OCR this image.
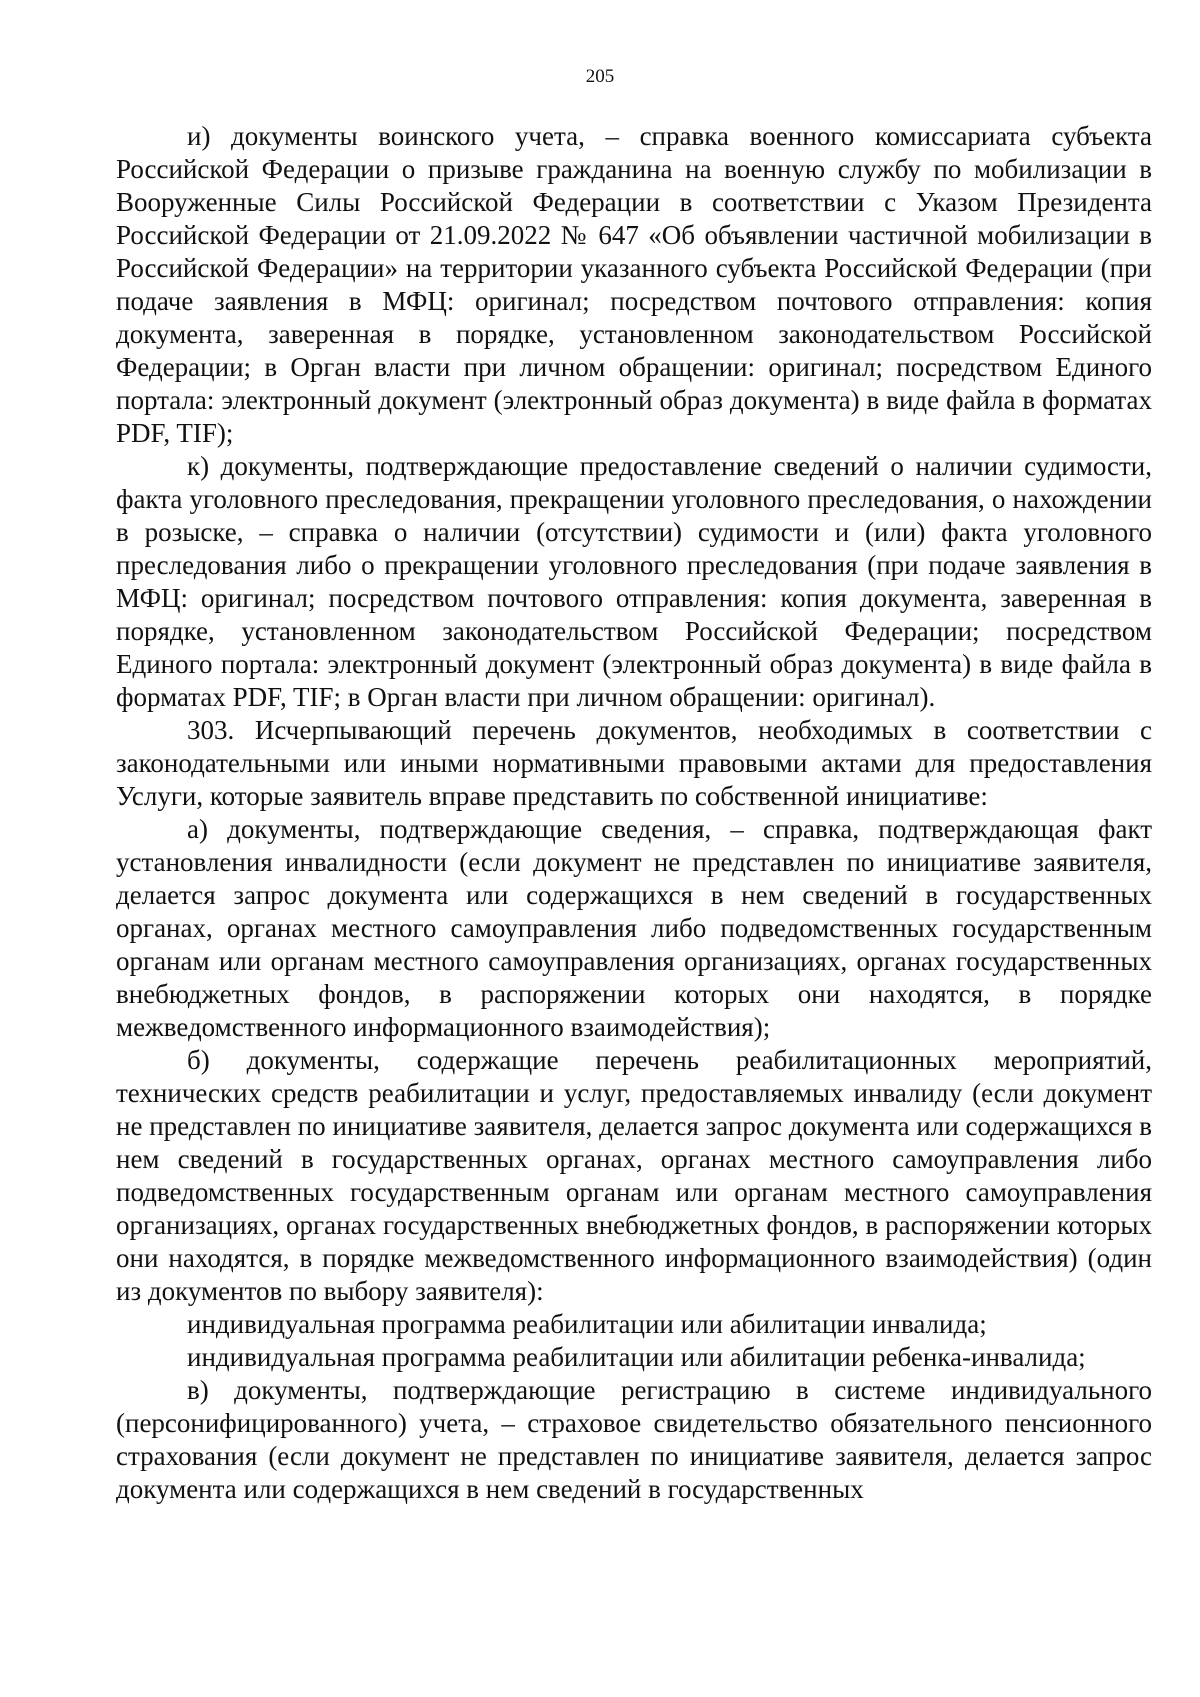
205

и) документы воинского учета, – справка военного комиссариата субъекта Российской Федерации о призыве гражданина на военную службу по мобилизации в Вооруженные Силы Российской Федерации в соответствии с Указом Президента Российской Федерации от 21.09.2022 № 647 «Об объявлении частичной мобилизации в Российской Федерации» на территории указанного субъекта Российской Федерации (при подаче заявления в МФЦ: оригинал; посредством почтового отправления: копия документа, заверенная в порядке, установленном законодательством Российской Федерации; в Орган власти при личном обращении: оригинал; посредством Единого портала: электронный документ (электронный образ документа) в виде файла в форматах PDF, TIF);

к) документы, подтверждающие предоставление сведений о наличии судимости, факта уголовного преследования, прекращении уголовного преследования, о нахождении в розыске, – справка о наличии (отсутствии) судимости и (или) факта уголовного преследования либо о прекращении уголовного преследования (при подаче заявления в МФЦ: оригинал; посредством почтового отправления: копия документа, заверенная в порядке, установленном законодательством Российской Федерации; посредством Единого портала: электронный документ (электронный образ документа) в виде файла в форматах PDF, TIF; в Орган власти при личном обращении: оригинал).

303. Исчерпывающий перечень документов, необходимых в соответствии с законодательными или иными нормативными правовыми актами для предоставления Услуги, которые заявитель вправе представить по собственной инициативе:

а) документы, подтверждающие сведения, – справка, подтверждающая факт установления инвалидности (если документ не представлен по инициативе заявителя, делается запрос документа или содержащихся в нем сведений в государственных органах, органах местного самоуправления либо подведомственных государственным органам или органам местного самоуправления организациях, органах государственных внебюджетных фондов, в распоряжении которых они находятся, в порядке межведомственного информационного взаимодействия);

б) документы, содержащие перечень реабилитационных мероприятий, технических средств реабилитации и услуг, предоставляемых инвалиду (если документ не представлен по инициативе заявителя, делается запрос документа или содержащихся в нем сведений в государственных органах, органах местного самоуправления либо подведомственных государственным органам или органам местного самоуправления организациях, органах государственных внебюджетных фондов, в распоряжении которых они находятся, в порядке межведомственного информационного взаимодействия) (один из документов по выбору заявителя):

индивидуальная программа реабилитации или абилитации инвалида;

индивидуальная программа реабилитации или абилитации ребенка-инвалида;

в) документы, подтверждающие регистрацию в системе индивидуального (персонифицированного) учета, – страховое свидетельство обязательного пенсионного страхования (если документ не представлен по инициативе заявителя, делается запрос документа или содержащихся в нем сведений в государственных
